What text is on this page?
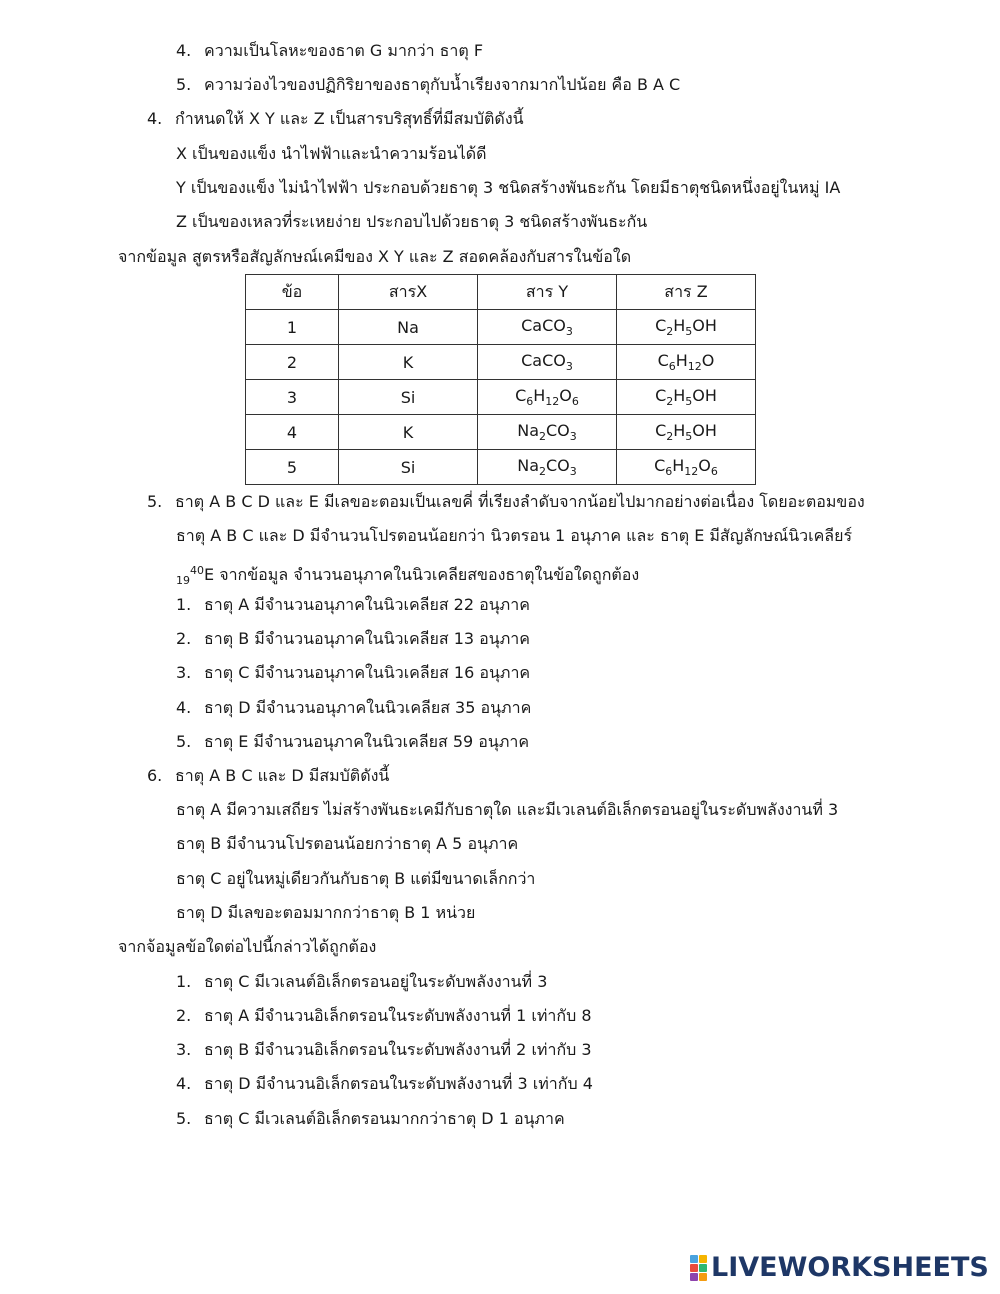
4. ความเป็นโลหะของธาต G มากว่า ธาตุ F
5. ความว่องไวของปฏิกิริยาของธาตุกับน้ำเรียงจากมากไปน้อย คือ B A C
4. กำหนดให้ X Y และ Z เป็นสารบริสุทธิ์ที่มีสมบัติดังนี้
X เป็นของแข็ง นำไฟฟ้าและนำความร้อนได้ดี
Y เป็นของแข็ง ไม่นำไฟฟ้า ประกอบด้วยธาตุ 3 ชนิดสร้างพันธะกัน โดยมีธาตุชนิดหนึ่งอยู่ในหมู่ IA
Z เป็นของเหลวที่ระเหยง่าย ประกอบไปด้วยธาตุ 3 ชนิดสร้างพันธะกัน
จากข้อมูล สูตรหรือสัญลักษณ์เคมีของ X Y และ Z สอดคล้องกับสารในข้อใด
ข้อ	สารX	สาร Y	สาร Z
1	Na	CaCO$_3$	$C_2H_5OH$
2	K	CaCO$_3$	$C_6H_{12}O$
3	Si	$C_6H_{12}O_6$	$C_2H_5OH$
4	K	$Na_2CO_3$	$C_2H_5OH$
5	Si	$Na_2CO_3$	$C_6H_{12}O_6$
5. ธาตุ A B C D และ E มีเลขอะตอมเป็นเลขคี่ ที่เรียงลำดับจากน้อยไปมากอย่างต่อเนื่อง โดยอะตอมของ
ธาตุ A B C และ D มีจำนวนโปรตอนน้อยกว่า นิวตรอน 1 อนุภาค และ ธาตุ E มีสัญลักษณ์นิวเคลียร์
$_{19}^{40}$E จากข้อมูล จำนวนอนุภาคในนิวเคลียสของธาตุในข้อใดถูกต้อง
1. ธาตุ A มีจำนวนอนุภาคในนิวเคลียส 22 อนุภาค
2. ธาตุ B มีจำนวนอนุภาคในนิวเคลียส 13 อนุภาค
3. ธาตุ C มีจำนวนอนุภาคในนิวเคลียส 16 อนุภาค
4. ธาตุ D มีจำนวนอนุภาคในนิวเคลียส 35 อนุภาค
5. ธาตุ E มีจำนวนอนุภาคในนิวเคลียส 59 อนุภาค
6. ธาตุ A B C และ D มีสมบัติดังนี้
ธาตุ A มีความเสถียร ไม่สร้างพันธะเคมีกับธาตุใด และมีเวเลนต์อิเล็กตรอนอยู่ในระดับพลังงานที่ 3
ธาตุ B มีจำนวนโปรตอนน้อยกว่าธาตุ A 5 อนุภาค
ธาตุ C อยู่ในหมู่เดียวกันกับธาตุ B แต่มีขนาดเล็กกว่า
ธาตุ D มีเลขอะตอมมากกว่าธาตุ B 1 หน่วย
จากจ้อมูลข้อใดต่อไปนี้กล่าวได้ถูกต้อง
1. ธาตุ C มีเวเลนต์อิเล็กตรอนอยู่ในระดับพลังงานที่ 3
2. ธาตุ A มีจำนวนอิเล็กตรอนในระดับพลังงานที่ 1 เท่ากับ 8
3. ธาตุ B มีจำนวนอิเล็กตรอนในระดับพลังงานที่ 2 เท่ากับ 3
4. ธาตุ D มีจำนวนอิเล็กตรอนในระดับพลังงานที่ 3 เท่ากับ 4
5. ธาตุ C มีเวเลนต์อิเล็กตรอนมากกว่าธาตุ D 1 อนุภาค
LIVEWORKSHEETS
